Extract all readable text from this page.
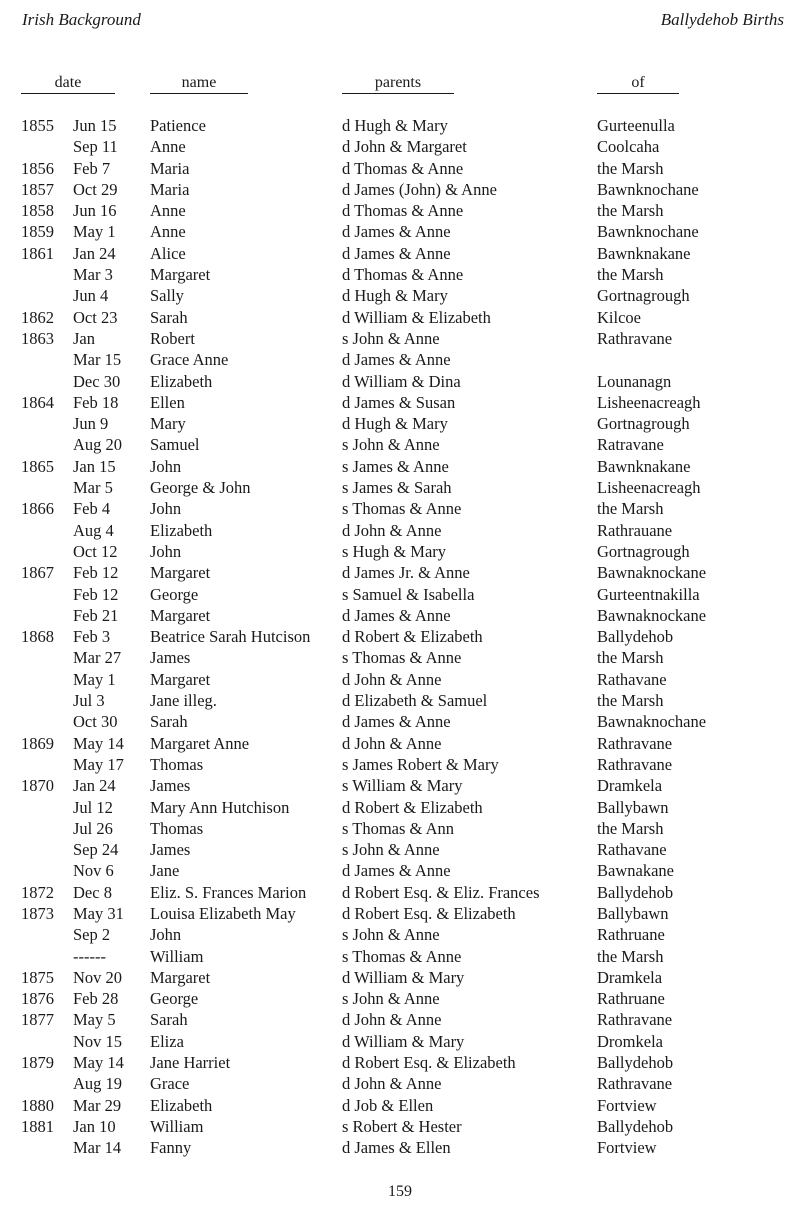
Irish Background	Ballydehob Births
date	name	parents	of
1855	Jun 15	Patience	d Hugh & Mary	Gurteenulla
Sep 11	Anne	d John & Margaret	Coolcaha
1856	Feb 7	Maria	d Thomas & Anne	the Marsh
1857	Oct 29	Maria	d James (John) & Anne	Bawnknochane
1858	Jun 16	Anne	d Thomas & Anne	the Marsh
1859	May 1	Anne	d James & Anne	Bawnknochane
1861	Jan 24	Alice	d James & Anne	Bawnknakane
Mar 3	Margaret	d Thomas & Anne	the Marsh
Jun 4	Sally	d Hugh & Mary	Gortnagrough
1862	Oct 23	Sarah	d William & Elizabeth	Kilcoe
1863	Jan	Robert	s John & Anne	Rathravane
Mar 15	Grace Anne	d James & Anne
Dec 30	Elizabeth	d William & Dina	Lounanagn
1864	Feb 18	Ellen	d James & Susan	Lisheenacreagh
Jun 9	Mary	d Hugh & Mary	Gortnagrough
Aug 20	Samuel	s John & Anne	Ratravane
1865	Jan 15	John	s James & Anne	Bawnknakane
Mar 5	George & John	s James & Sarah	Lisheenacreagh
1866	Feb 4	John	s Thomas & Anne	the Marsh
Aug 4	Elizabeth	d John & Anne	Rathrauane
Oct 12	John	s Hugh & Mary	Gortnagrough
1867	Feb 12	Margaret	d James Jr. & Anne	Bawnaknockane
Feb 12	George	s Samuel & Isabella	Gurteentnakilla
Feb 21	Margaret	d James & Anne	Bawnaknockane
1868	Feb 3	Beatrice Sarah Hutcison	d Robert & Elizabeth	Ballydehob
Mar 27	James	s Thomas & Anne	the Marsh
May 1	Margaret	d John & Anne	Rathavane
Jul 3	Jane illeg.	d Elizabeth & Samuel	the Marsh
Oct 30	Sarah	d James & Anne	Bawnaknochane
1869	May 14	Margaret Anne	d John & Anne	Rathravane
May 17	Thomas	s James Robert & Mary	Rathravane
1870	Jan 24	James	s William & Mary	Dramkela
Jul 12	Mary Ann Hutchison	d Robert & Elizabeth	Ballybawn
Jul 26	Thomas	s Thomas & Ann	the Marsh
Sep 24	James	s John & Anne	Rathavane
Nov 6	Jane	d James & Anne	Bawnakane
1872	Dec 8	Eliz. S. Frances Marion	d Robert Esq. & Eliz. Frances	Ballydehob
1873	May 31	Louisa Elizabeth May	d Robert Esq. & Elizabeth	Ballybawn
Sep 2	John	s John & Anne	Rathruane
------	William	s Thomas & Anne	the Marsh
1875	Nov 20	Margaret	d William & Mary	Dramkela
1876	Feb 28	George	s John & Anne	Rathruane
1877	May 5	Sarah	d John & Anne	Rathravane
Nov 15	Eliza	d William & Mary	Dromkela
1879	May 14	Jane Harriet	d Robert Esq. & Elizabeth	Ballydehob
Aug 19	Grace	d John & Anne	Rathravane
1880	Mar 29	Elizabeth	d Job & Ellen	Fortview
1881	Jan 10	William	s Robert & Hester	Ballydehob
Mar 14	Fanny	d James & Ellen	Fortview
159
